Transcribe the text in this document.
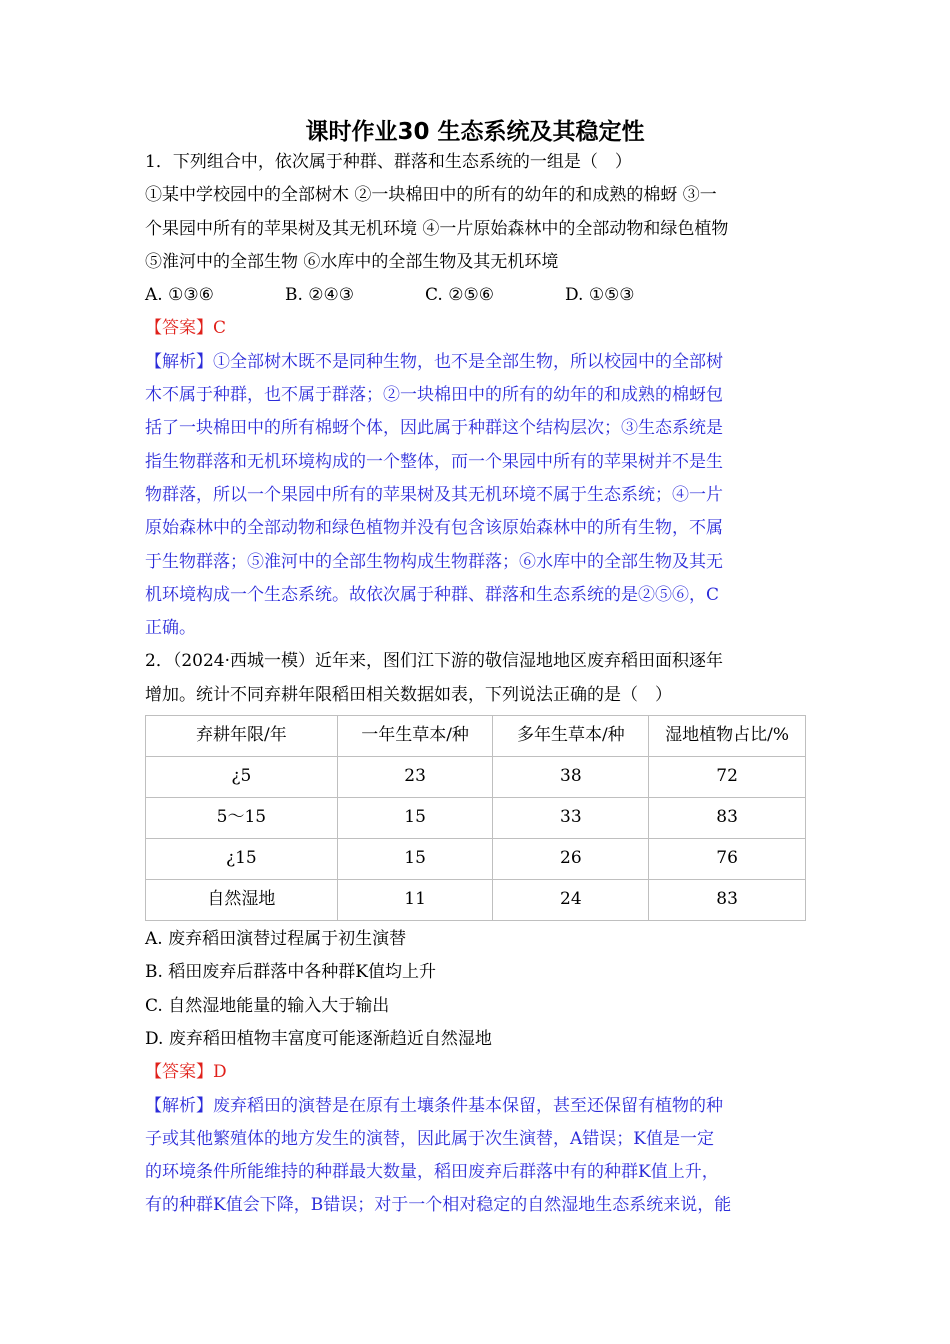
课时作业30 生态系统及其稳定性
1．下列组合中，依次属于种群、群落和生态系统的一组是（　）
①某中学校园中的全部树木 ②一块棉田中的所有的幼年的和成熟的棉蚜 ③一
个果园中所有的苹果树及其无机环境 ④一片原始森林中的全部动物和绿色植物
⑤淮河中的全部生物 ⑥水库中的全部生物及其无机环境
A. ①③⑥	B. ②④③	C. ②⑤⑥	D. ①⑤③
【答案】C
【解析】①全部树木既不是同种生物，也不是全部生物，所以校园中的全部树
木不属于种群，也不属于群落；②一块棉田中的所有的幼年的和成熟的棉蚜包
括了一块棉田中的所有棉蚜个体，因此属于种群这个结构层次；③生态系统是
指生物群落和无机环境构成的一个整体，而一个果园中所有的苹果树并不是生
物群落，所以一个果园中所有的苹果树及其无机环境不属于生态系统；④一片
原始森林中的全部动物和绿色植物并没有包含该原始森林中的所有生物，不属
于生物群落；⑤淮河中的全部生物构成生物群落；⑥水库中的全部生物及其无
机环境构成一个生态系统。故依次属于种群、群落和生态系统的是②⑤⑥，C
正确。
2．（2024·西城一模）近年来，图们江下游的敬信湿地地区废弃稻田面积逐年
增加。统计不同弃耕年限稻田相关数据如表，下列说法正确的是（　）
弃耕年限/年	一年生草本/种	多年生草本/种	湿地植物占比/%
¿5	23	38	72
5～15	15	33	83
¿15	15	26	76
自然湿地	11	24	83
A. 废弃稻田演替过程属于初生演替
B. 稻田废弃后群落中各种群K值均上升
C. 自然湿地能量的输入大于输出
D. 废弃稻田植物丰富度可能逐渐趋近自然湿地
【答案】D
【解析】废弃稻田的演替是在原有土壤条件基本保留，甚至还保留有植物的种
子或其他繁殖体的地方发生的演替，因此属于次生演替，A错误；K值是一定
的环境条件所能维持的种群最大数量，稻田废弃后群落中有的种群K值上升，
有的种群K值会下降，B错误；对于一个相对稳定的自然湿地生态系统来说，能
